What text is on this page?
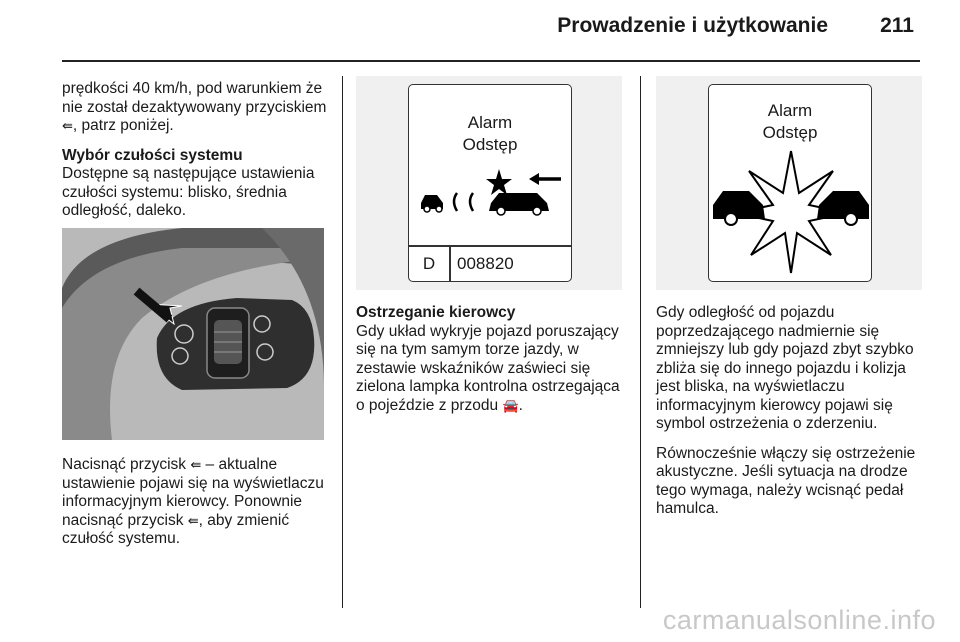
Prowadzenie i użytkowanie 211

prędkości 40 km/h, pod warunkiem że nie został dezaktywowany przyciskiem ⇚, patrz poniżej.

Wybór czułości systemu

Dostępne są następujące ustawienia czułości systemu: blisko, średnia odległość, daleko.

Nacisnąć przycisk ⇚ – aktualne ustawienie pojawi się na wyświetlaczu informacyjnym kierowcy. Ponownie nacisnąć przycisk ⇚, aby zmienić czułość systemu.

Alarm
Odstęp
D	008820

Ostrzeganie kierowcy

Gdy układ wykryje pojazd poruszający się na tym samym torze jazdy, w zestawie wskaźników zaświeci się zielona lampka kontrolna ostrzegająca o pojeździe z przodu 🚘.

Alarm
Odstęp

Gdy odległość od pojazdu poprzedzającego nadmiernie się zmniejszy lub gdy pojazd zbyt szybko zbliża się do innego pojazdu i kolizja jest bliska, na wyświetlaczu informacyjnym kierowcy pojawi się symbol ostrzeżenia o zderzeniu.

Równocześnie włączy się ostrzeżenie akustyczne. Jeśli sytuacja na drodze tego wymaga, należy wcisnąć pedał hamulca.

carmanualsonline.info
